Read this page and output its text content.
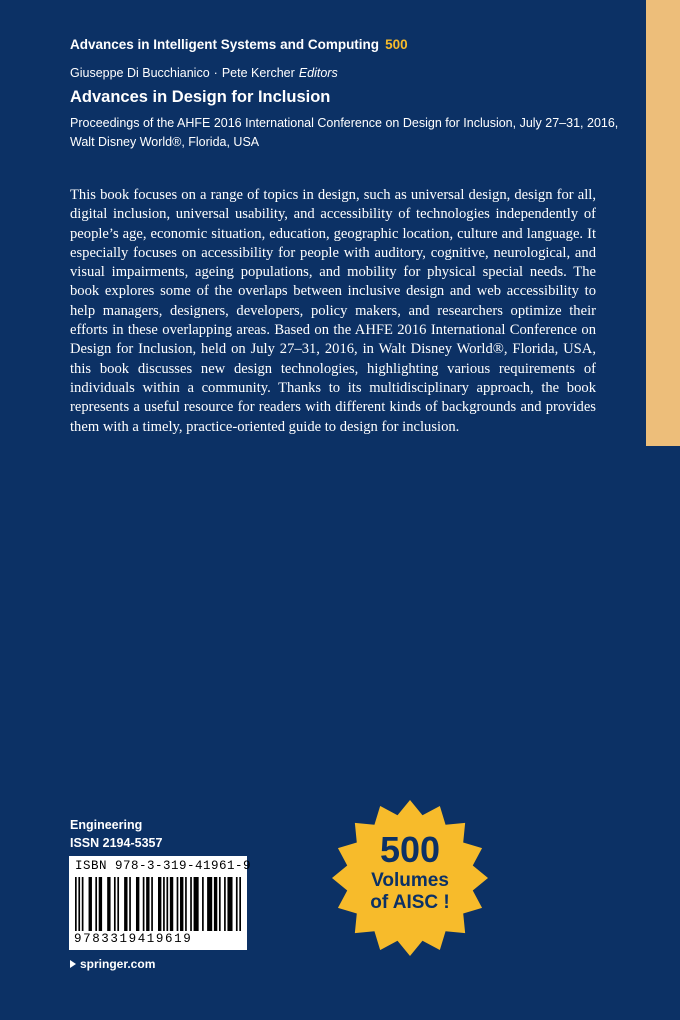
Advances in Intelligent Systems and Computing 500
Giuseppe Di Bucchianico · Pete Kercher Editors
Advances in Design for Inclusion
Proceedings of the AHFE 2016 International Conference on Design for Inclusion, July 27–31, 2016, Walt Disney World®, Florida, USA
This book focuses on a range of topics in design, such as universal design, design for all, digital inclusion, universal usability, and accessibility of technologies independently of people’s age, economic situation, education, geographic location, culture and language. It especially focuses on accessibility for people with auditory, cognitive, neurological, and visual impairments, ageing populations, and mobility for physical special needs. The book explores some of the overlaps between inclusive design and web accessibility to help managers, designers, developers, policy makers, and researchers optimize their efforts in these overlapping areas. Based on the AHFE 2016 International Conference on Design for Inclusion, held on July 27–31, 2016, in Walt Disney World®, Florida, USA, this book discusses new design technologies, highlighting various requirements of individuals within a community. Thanks to its multidisciplinary approach, the book represents a useful resource for readers with different kinds of backgrounds and provides them with a timely, practice-oriented guide to design for inclusion.
Engineering
ISSN 2194-5357
ISBN 978-3-319-41961-9
9783319419619
springer.com
500
Volumes
of AISC !
